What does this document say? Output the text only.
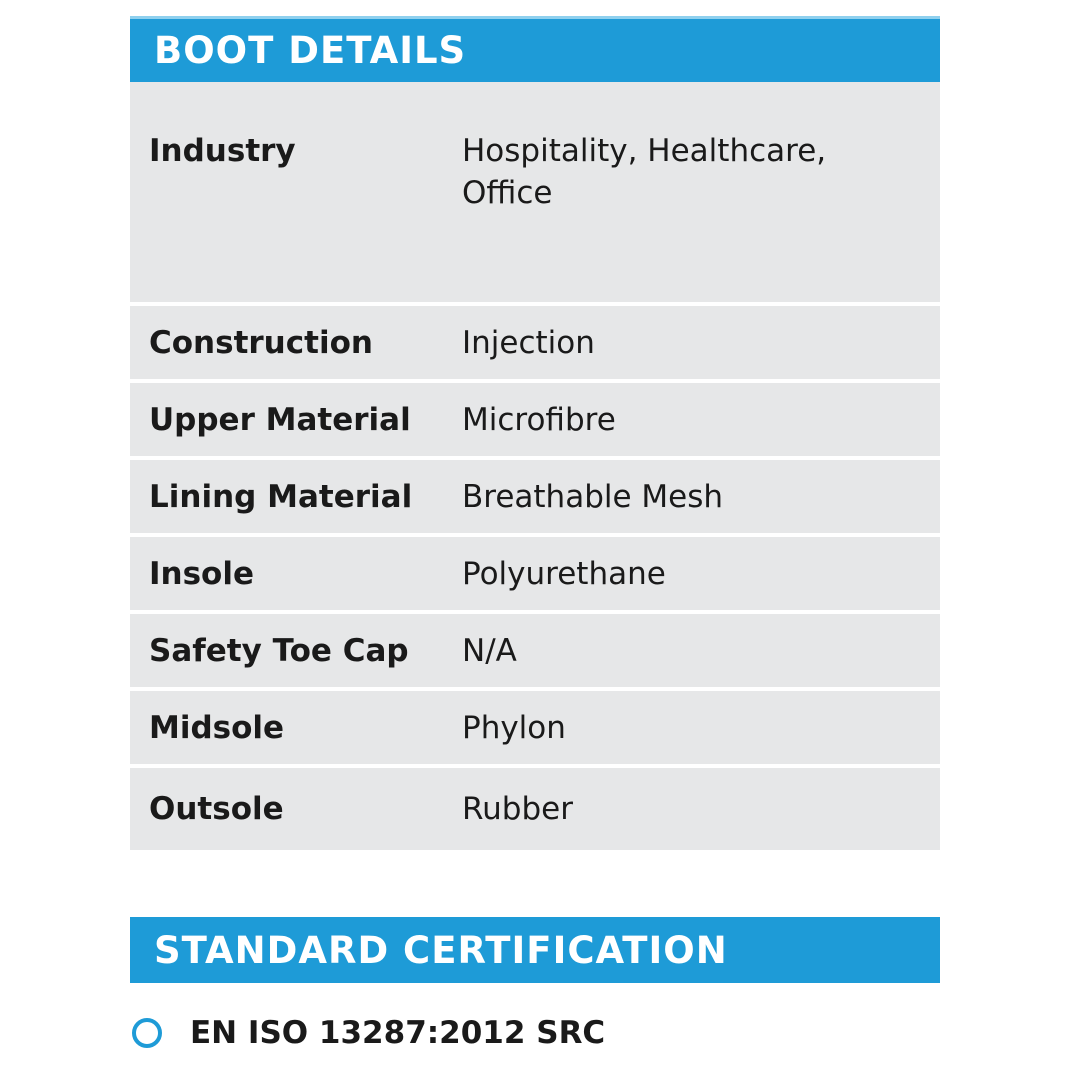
BOOT DETAILS
Industry	Hospitality, Healthcare,
Office
Construction	Injection
Upper Material	Microfibre
Lining Material	Breathable Mesh
Insole	Polyurethane
Safety Toe Cap	N/A
Midsole	Phylon
Outsole	Rubber
STANDARD CERTIFICATION
EN ISO 13287:2012 SRC
